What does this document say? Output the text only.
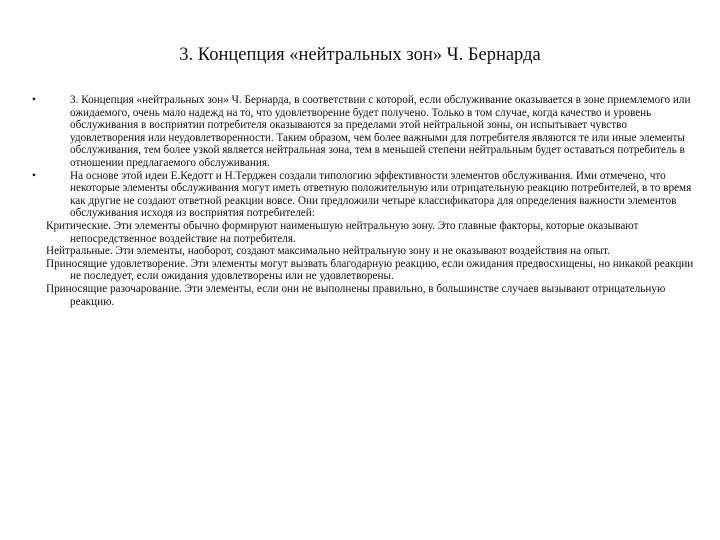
3. Концепция «нейтральных зон» Ч. Бернарда
•	3. Концепция «нейтральных зон» Ч. Бернарда, в соответствии с которой, если обслуживание оказывается в зоне приемлемого или ожидаемого, очень мало надежд на то, что удовлетворение будет получено. Только в том случае, когда качество и уровень обслуживания в восприятии потребителя оказываются за пределами этой нейтральной зоны, он испытывает чувство удовлетворения или неудовлетворенности. Таким образом, чем более важными для потребителя являются те или иные элементы обслуживания, тем более узкой является нейтральная зона, тем в меньшей степени нейтральным будет оставаться потребитель в отношении предлагаемого обслуживания.
•	На основе этой идеи Е.Кедотт и Н.Терджен создали типологию эффективности элементов обслуживания. Ими отмечено, что некоторые элементы обслуживания могут иметь ответную положительную или отрицательную реакцию потребителей, в то время как другие не создают ответной реакции вовсе. Они предложили четыре классификатора для определения важности элементов обслуживания исходя из восприятия потребителей:

Критические. Эти элементы обычно формируют наименьшую нейтральную зону. Это главные факторы, которые оказывают непосредственное воздействие на потребителя.

Нейтральные. Эти элементы, наоборот, создают максимально нейтральную зону и не оказывают воздействия на опыт.

Приносящие удовлетворение. Эти элементы могут вызвать благодарную реакцию, если ожидания предвосхищены, но никакой реакции не последует, если ожидания удовлетворены или не удовлетворены.

Приносящие разочарование. Эти элементы, если они не выполнены правильно, в большинстве случаев вызывают отрицательную реакцию.
